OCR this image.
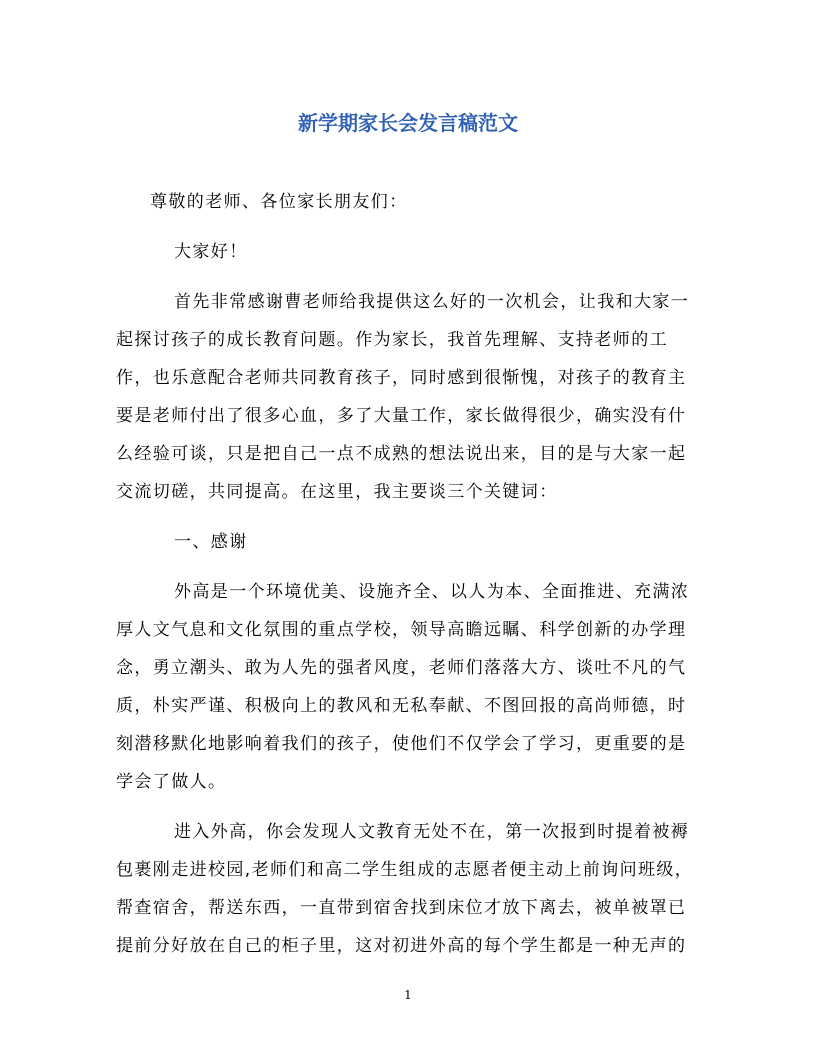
新学期家长会发言稿范文

尊敬的老师、各位家长朋友们：

大家好！

首先非常感谢曹老师给我提供这么好的一次机会，让我和大家一起探讨孩子的成长教育问题。作为家长，我首先理解、支持老师的工作，也乐意配合老师共同教育孩子，同时感到很惭愧，对孩子的教育主要是老师付出了很多心血，多了大量工作，家长做得很少，确实没有什么经验可谈，只是把自己一点不成熟的想法说出来，目的是与大家一起交流切磋，共同提高。在这里，我主要谈三个关键词：

一、感谢

外高是一个环境优美、设施齐全、以人为本、全面推进、充满浓厚人文气息和文化氛围的重点学校，领导高瞻远瞩、科学创新的办学理念，勇立潮头、敢为人先的强者风度，老师们落落大方、谈吐不凡的气质，朴实严谨、积极向上的教风和无私奉献、不图回报的高尚师德，时刻潜移默化地影响着我们的孩子，使他们不仅学会了学习，更重要的是学会了做人。

进入外高，你会发现人文教育无处不在，第一次报到时提着被褥包裹刚走进校园,老师们和高二学生组成的志愿者便主动上前询问班级，帮查宿舍，帮送东西，一直带到宿舍找到床位才放下离去，被单被罩已提前分好放在自己的柜子里，这对初进外高的每个学生都是一种无声的

1
